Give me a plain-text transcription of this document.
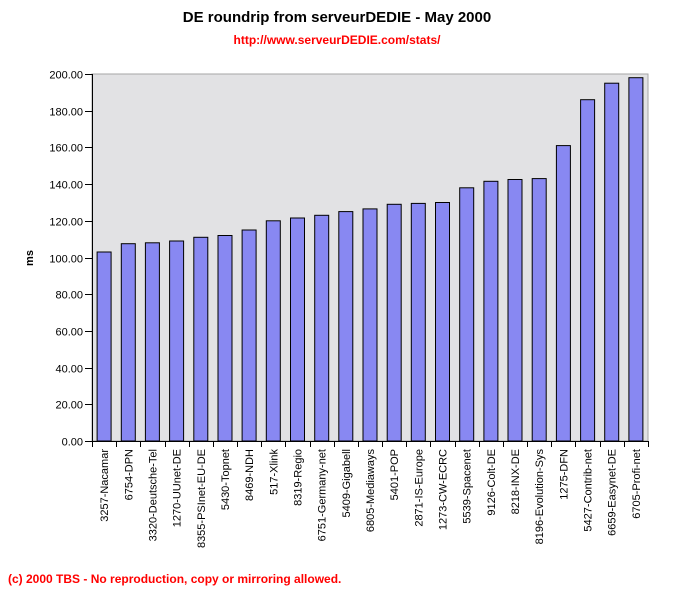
DE roundrip from serveurDEDIE - May 2000
http://www.serveurDEDIE.com/stats/
0.00
20.00
40.00
60.00
80.00
100.00
120.00
140.00
160.00
180.00
200.00
3257-Nacamar 6754-DPN 3320-Deutsche-Tel 1270-UUnet-DE 8355-PSInet-EU-DE 5430-Topnet 8469-NDH 517-Xlink 8319-Regio 6751-Germany-net 5409-Gigabell 6805-Mediaways 5401-POP 2871-IS-Europe 1273-CW-ECRC 5539-Spacenet 9126-Colt-DE 8218-INX-DE 8196-Evolution-Sys 1275-DFN 5427-Contrib-net 6659-Easynet-DE 6705-Profi-net
ms
(c) 2000 TBS - No reproduction, copy or mirroring allowed.
